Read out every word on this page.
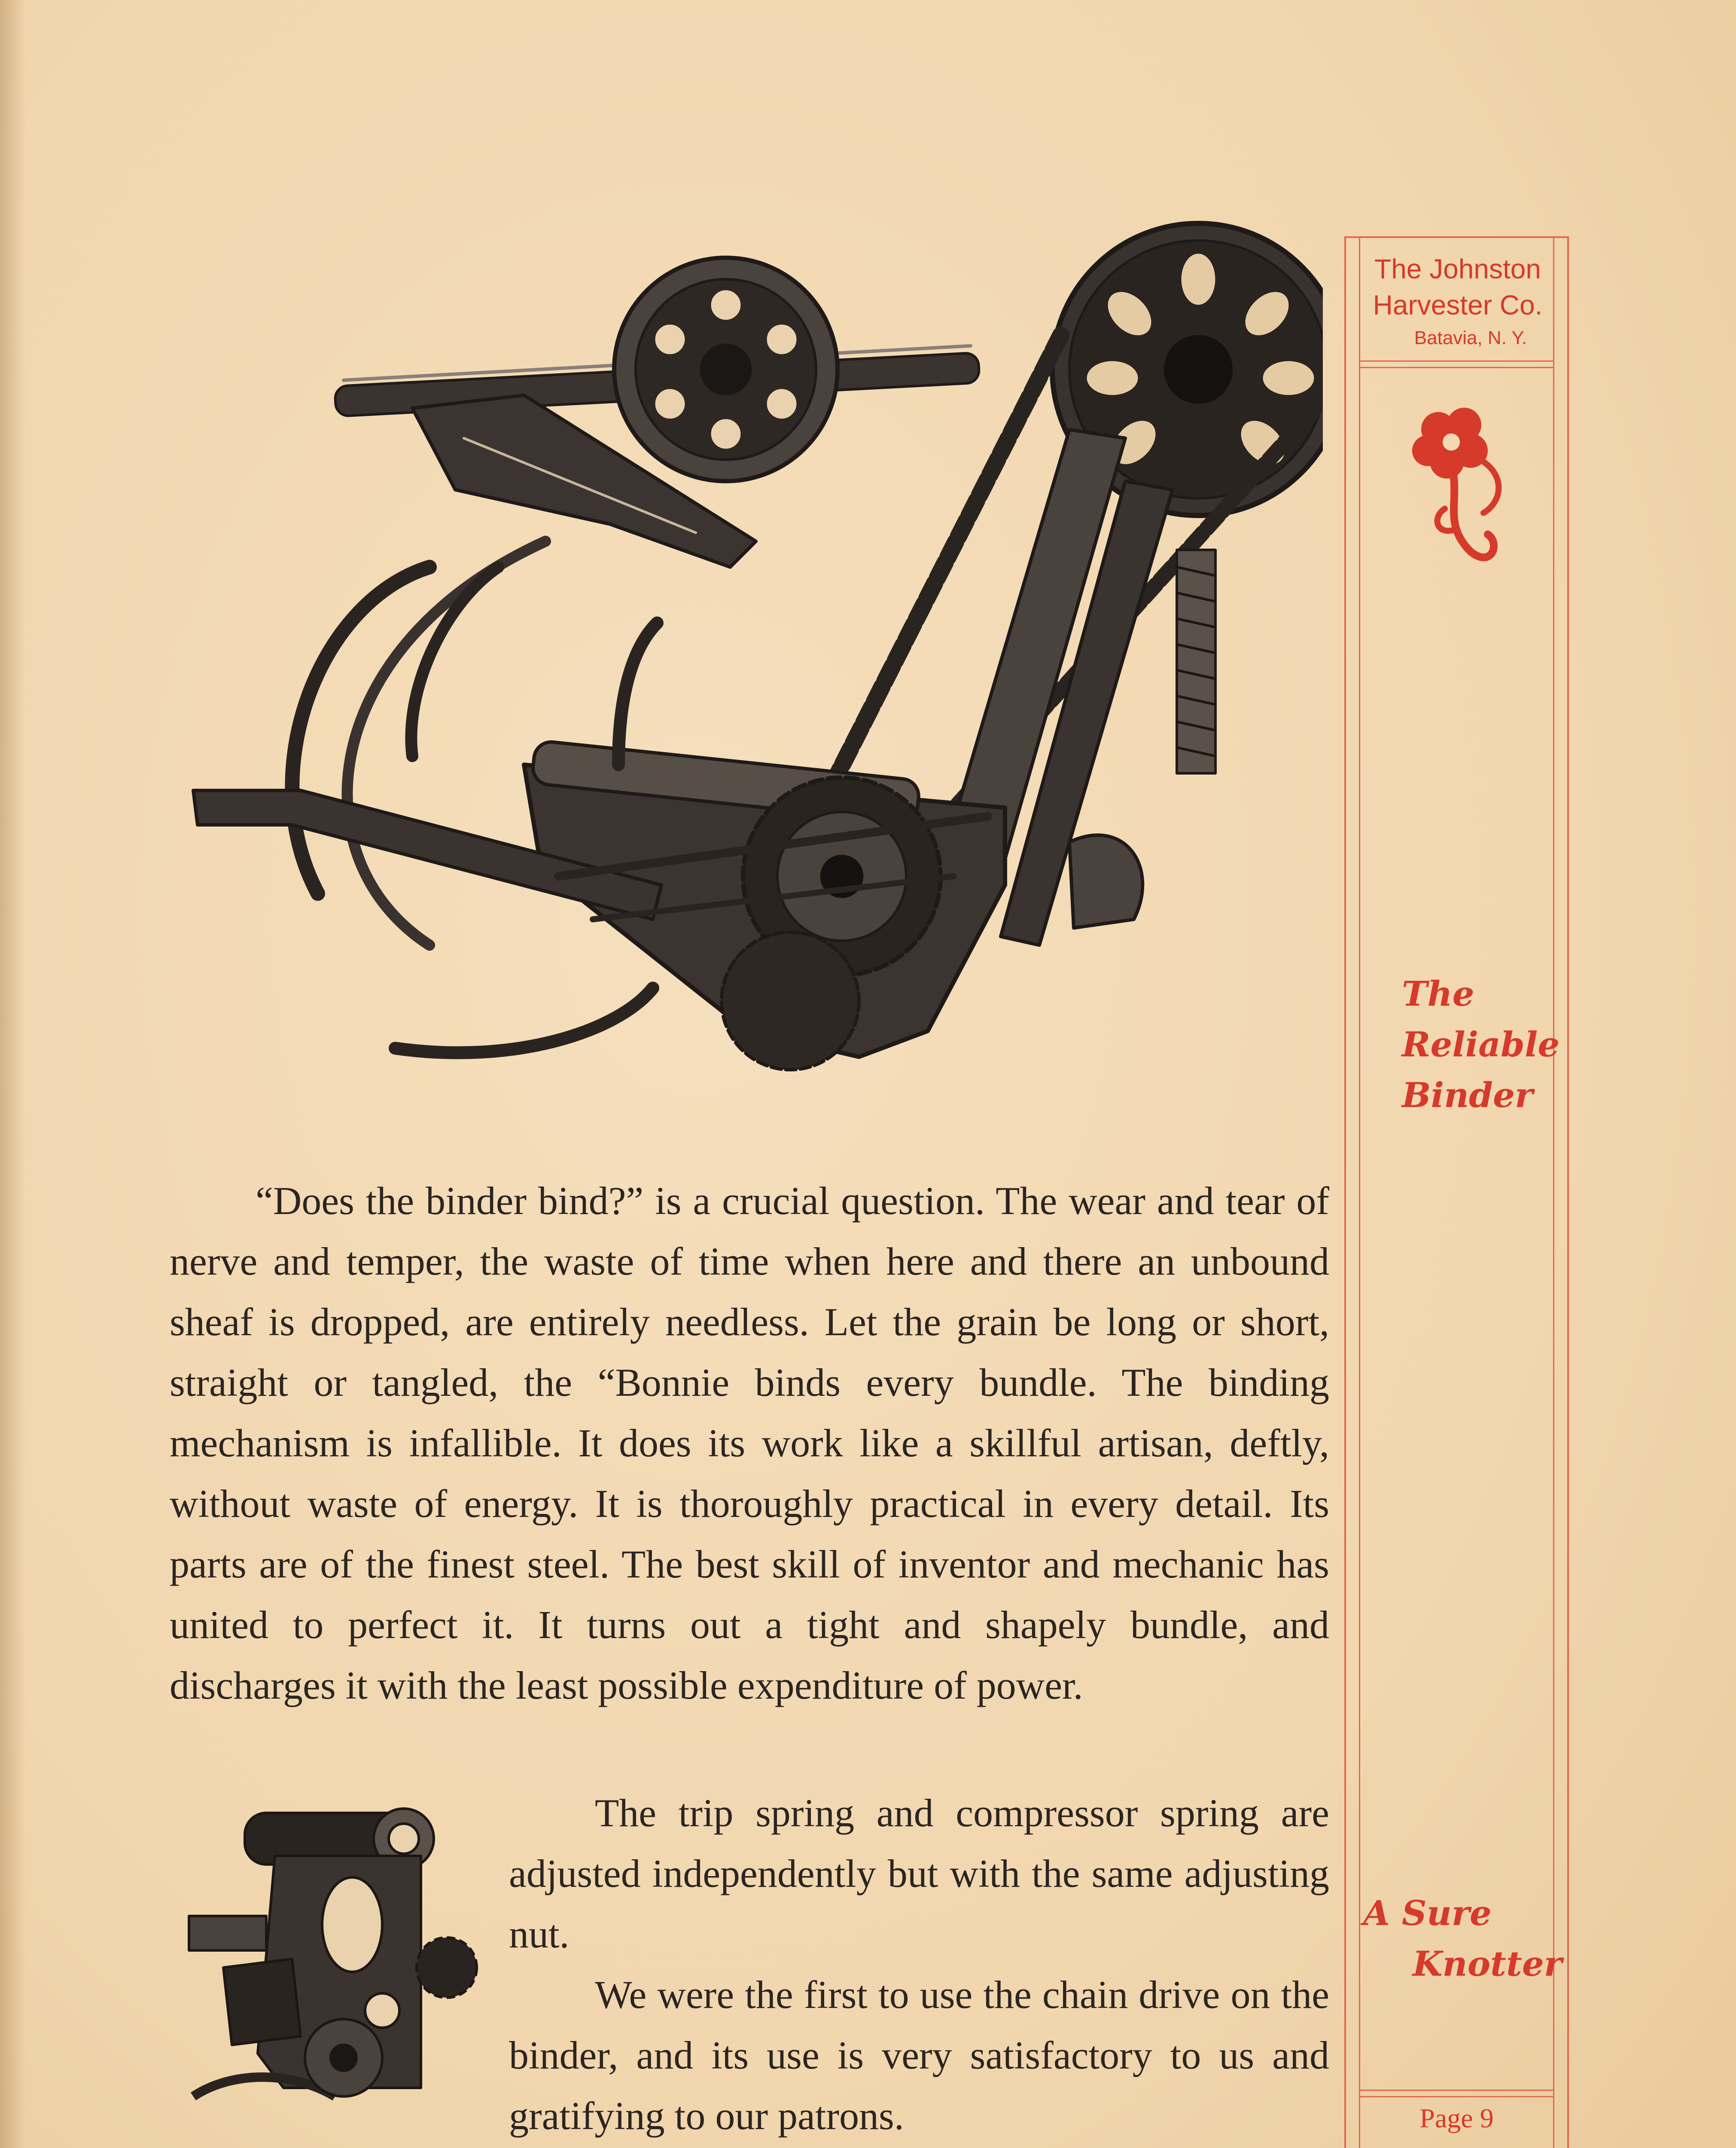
“Does the binder bind?” is a crucial question. The wear and tear of nerve and temper, the waste of time when here and there an unbound sheaf is dropped, are entirely needless. Let the grain be long or short, straight or tangled, the “Bonnie binds every bundle. The binding mechanism is infallible. It does its work like a skillful artisan, deftly, without waste of energy. It is thoroughly practical in every detail. Its parts are of the finest steel. The best skill of inventor and mechanic has united to perfect it. It turns out a tight and shapely bundle, and discharges it with the least possible expenditure of power.

The trip spring and compressor spring are adjusted independently but with the same adjusting nut.

We were the first to use the chain drive on the binder, and its use is very satisfactory to us and gratifying to our patrons.

The Johnston
Harvester Co.
Batavia, N. Y.
The
Reliable
Binder
A Sure
Knotter
Page 9
